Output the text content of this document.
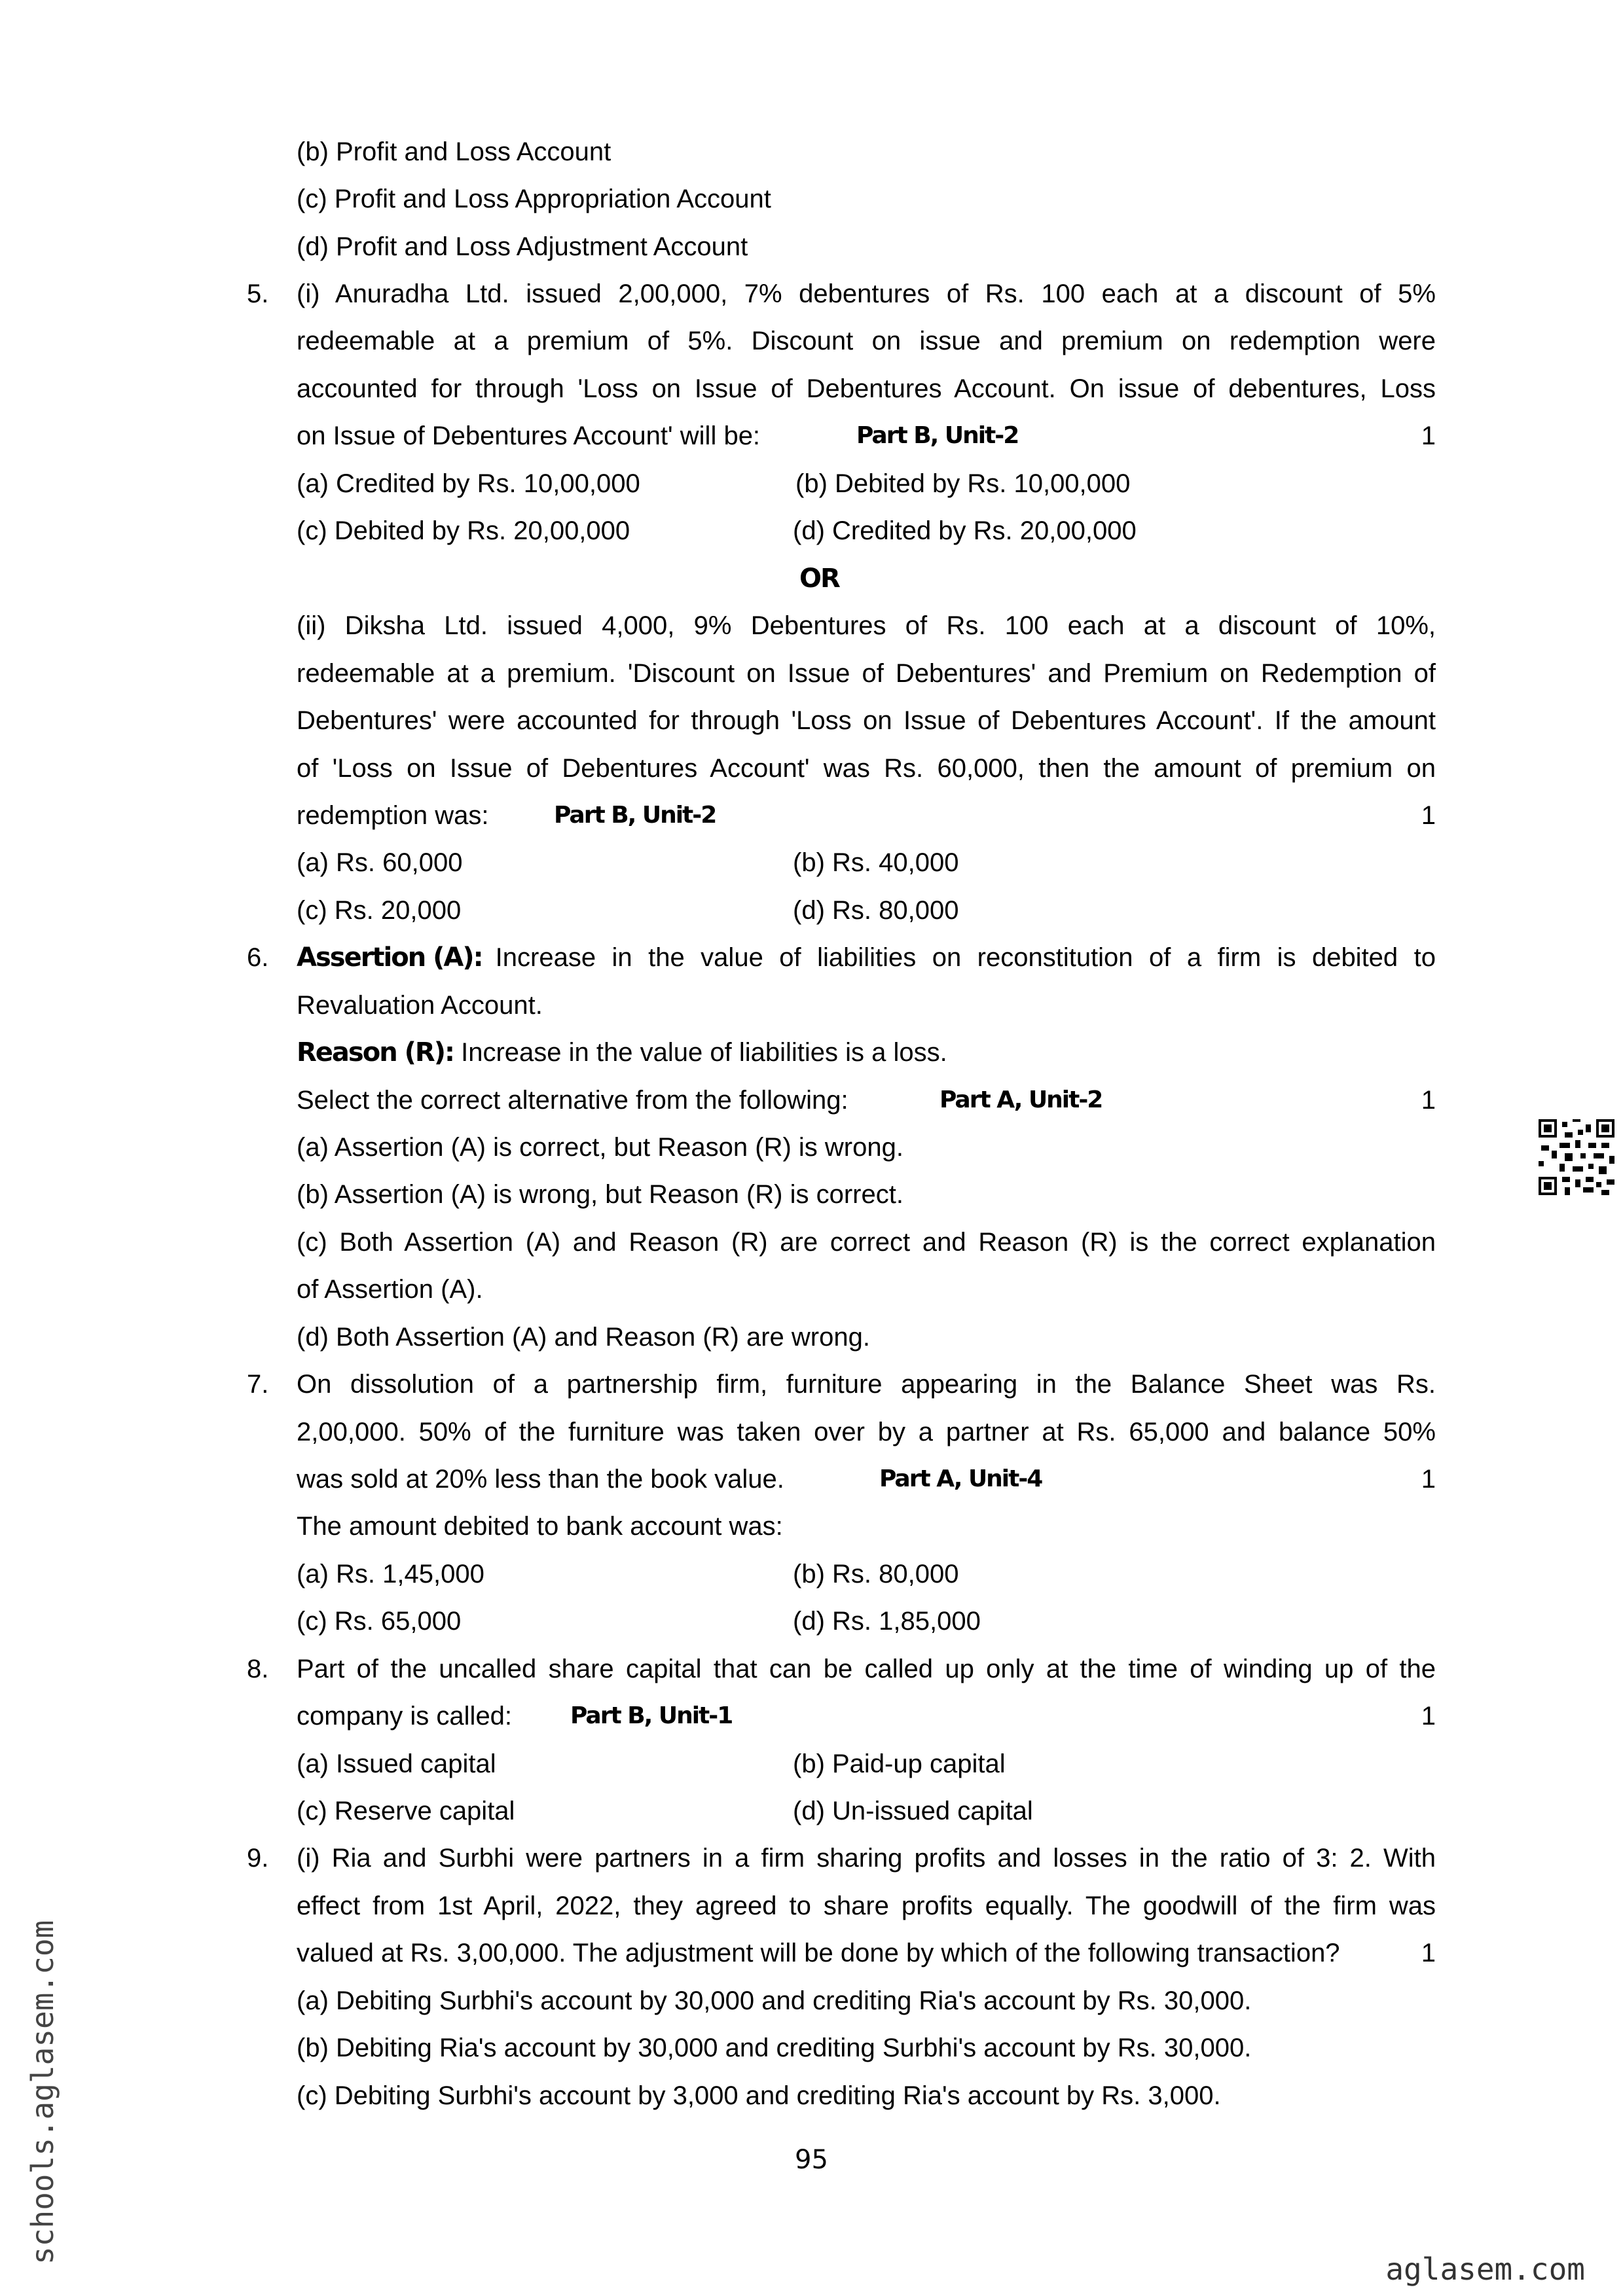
(b) Profit and Loss Account
(c) Profit and Loss Appropriation Account
(d) Profit and Loss Adjustment Account
5. (i) Anuradha Ltd. issued 2,00,000, 7% debentures of Rs. 100 each at a discount of 5%
redeemable at a premium of 5%. Discount on issue and premium on redemption were
accounted for through 'Loss on Issue of Debentures Account. On issue of debentures, Loss
on Issue of Debentures Account' will be:	Part B, Unit-2	1
(a) Credited by Rs. 10,00,000	(b) Debited by Rs. 10,00,000
(c) Debited by Rs. 20,00,000	(d) Credited by Rs. 20,00,000
OR
(ii) Diksha Ltd. issued 4,000, 9% Debentures of Rs. 100 each at a discount of 10%,
redeemable at a premium. 'Discount on Issue of Debentures' and Premium on Redemption of
Debentures' were accounted for through 'Loss on Issue of Debentures Account'. If the amount
of 'Loss on Issue of Debentures Account' was Rs. 60,000, then the amount of premium on
redemption was:	Part B, Unit-2	1
(a) Rs. 60,000	(b) Rs. 40,000
(c) Rs. 20,000	(d) Rs. 80,000
6. Assertion (A): Increase in the value of liabilities on reconstitution of a firm is debited to
Revaluation Account.
Reason (R): Increase in the value of liabilities is a loss.
Select the correct alternative from the following:	Part A, Unit-2	1
(a) Assertion (A) is correct, but Reason (R) is wrong.
(b) Assertion (A) is wrong, but Reason (R) is correct.
(c) Both Assertion (A) and Reason (R) are correct and Reason (R) is the correct explanation
of Assertion (A).
(d) Both Assertion (A) and Reason (R) are wrong.
7. On dissolution of a partnership firm, furniture appearing in the Balance Sheet was Rs.
2,00,000. 50% of the furniture was taken over by a partner at Rs. 65,000 and balance 50%
was sold at 20% less than the book value.	Part A, Unit-4	1
The amount debited to bank account was:
(a) Rs. 1,45,000	(b) Rs. 80,000
(c) Rs. 65,000	(d) Rs. 1,85,000
8. Part of the uncalled share capital that can be called up only at the time of winding up of the
company is called: Part B, Unit-1	1
(a) Issued capital	(b) Paid-up capital
(c) Reserve capital	(d) Un-issued capital
9. (i) Ria and Surbhi were partners in a firm sharing profits and losses in the ratio of 3: 2. With
effect from 1st April, 2022, they agreed to share profits equally. The goodwill of the firm was
valued at Rs. 3,00,000. The adjustment will be done by which of the following transaction?	1
(a) Debiting Surbhi's account by 30,000 and crediting Ria's account by Rs. 30,000.
(b) Debiting Ria's account by 30,000 and crediting Surbhi's account by Rs. 30,000.
(c) Debiting Surbhi's account by 3,000 and crediting Ria's account by Rs. 3,000.
95
schools.aglasem.com
aglasem.com
